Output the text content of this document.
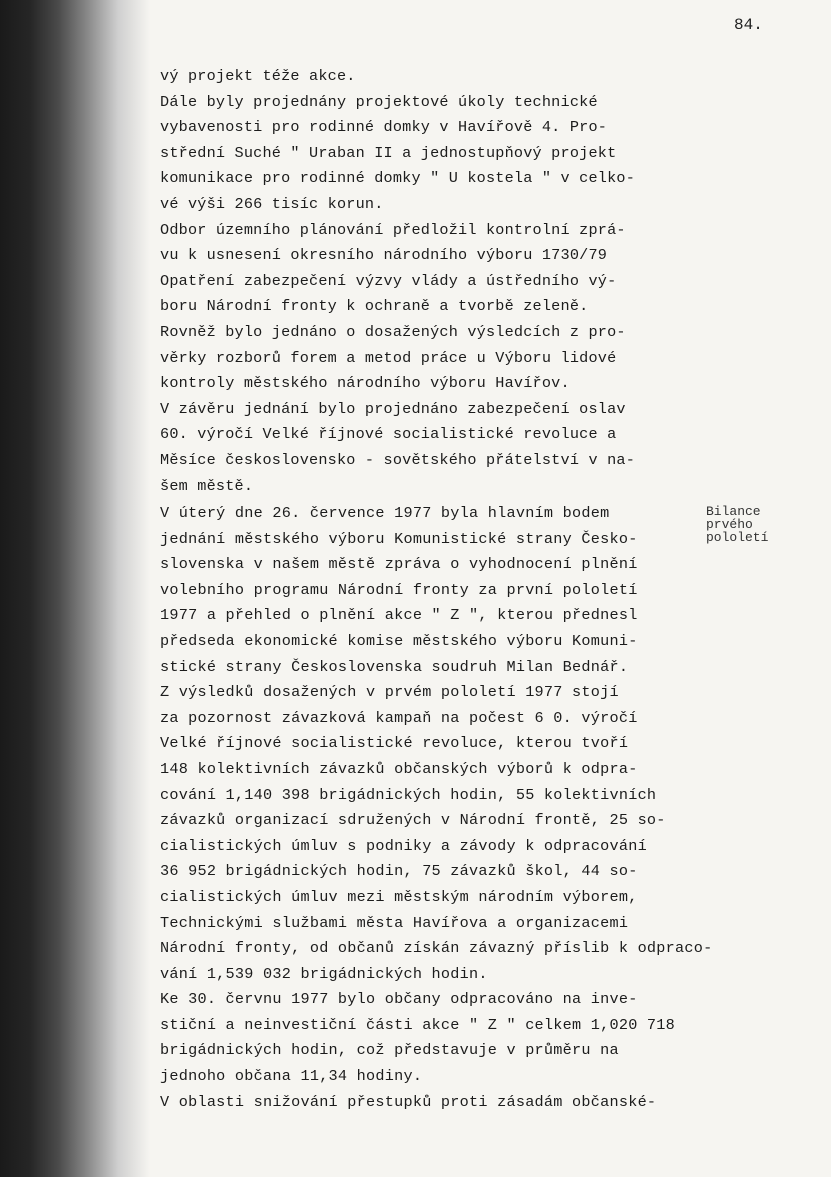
84.
vý projekt téže akce.
Dále byly projednány projektové úkoly technické
vybavenosti pro rodinné domky v Havířově 4. Pro-
střední Suché " Uraban II a jednostupňový projekt
komunikace pro rodinné domky " U kostela " v celko-
vé výši 266 tisíc korun.
Odbor územního plánování předložil kontrolní zprá-
vu k usnesení okresního národního výboru 1730/79
Opatření zabezpečení výzvy vlády a ústředního vý-
boru Národní fronty k ochraně a tvorbě zeleně.
Rovněž bylo jednáno o dosažených výsledcích z pro-
věrky rozborů forem a metod práce u Výboru lidové
kontroly městského národního výboru Havířov.
V závěru jednání bylo projednáno zabezpečení oslav
60. výročí Velké říjnové socialistické revoluce a
Měsíce československo - sovětského přátelství v na-
šem městě.
Bilance
prvého
pololetí
V úterý dne 26. července 1977 byla hlavním bodem
jednání městského výboru Komunistické strany Česko-
slovenska v našem městě zpráva o vyhodnocení plnění
volebního programu Národní fronty za první pololetí
1977 a přehled o plnění akce " Z ", kterou přednesl
předseda ekonomické komise městského výboru Komuni-
stické strany Československa soudruh Milan Bednář.
Z výsledků dosažených v prvém pololetí 1977 stojí
za pozornost závazková kampaň na počest 6 0. výročí
Velké říjnové socialistické revoluce, kterou tvoří
148 kolektivních závazků občanských výborů k odpra-
cování 1,140 398 brigádnických hodin, 55 kolektivních
závazků organizací sdružených v Národní frontě, 25 so-
cialistických úmluv s podniky a závody k odpracování
36 952 brigádnických hodin, 75 závazků škol, 44 so-
cialistických úmluv mezi městským národním výborem,
Technickými službami města Havířova a organizacemi
Národní fronty, od občanů získán závazný příslib k odpraco-
vání 1,539 032 brigádnických hodin.
Ke 30. červnu 1977 bylo občany odpracováno na inve-
stiční a neinvestiční části akce " Z " celkem 1,020 718
brigádnických hodin, což představuje v průměru na
jednoho občana 11,34 hodiny.
V oblasti snižování přestupků proti zásadám občanské-
